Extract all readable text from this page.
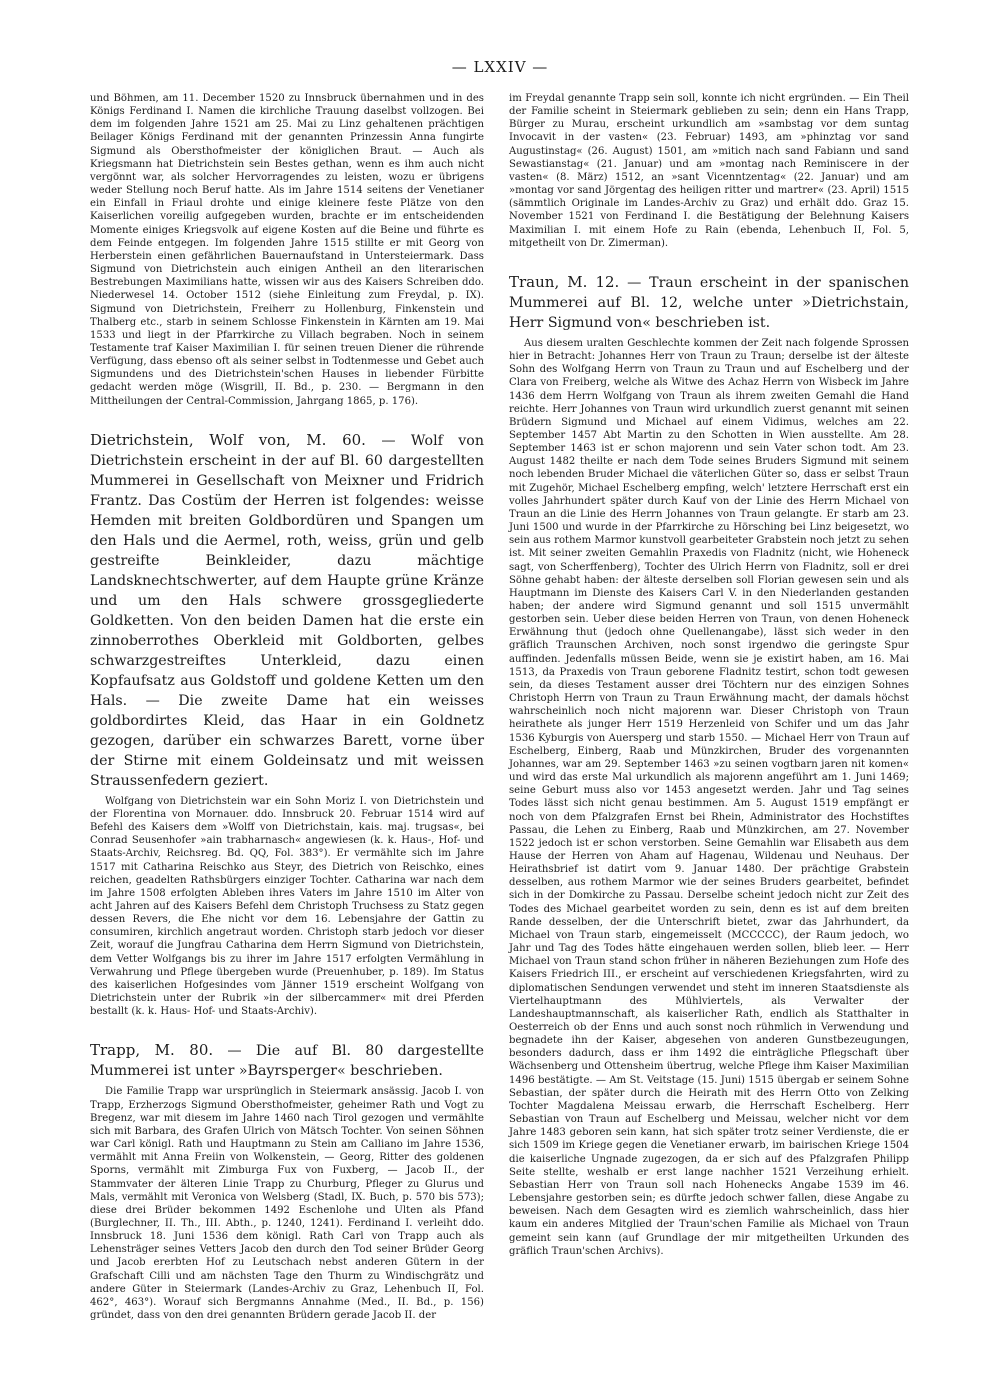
— LXXIV —

und Böhmen, am 11. December 1520 zu Innsbruck übernahmen und in des Königs Ferdinand I. Namen die kirchliche Trauung daselbst vollzogen. Bei dem im folgenden Jahre 1521 am 25. Mai zu Linz gehaltenen prächtigen Beilager Königs Ferdinand mit der genannten Prinzessin Anna fungirte Sigmund als Obersthofmeister der königlichen Braut. — Auch als Kriegsmann hat Dietrichstein sein Bestes gethan, wenn es ihm auch nicht vergönnt war, als solcher Hervorragendes zu leisten, wozu er übrigens weder Stellung noch Beruf hatte. Als im Jahre 1514 seitens der Venetianer ein Einfall in Friaul drohte und einige kleinere feste Plätze von den Kaiserlichen voreilig aufgegeben wurden, brachte er im entscheidenden Momente einiges Kriegsvolk auf eigene Kosten auf die Beine und führte es dem Feinde entgegen. Im folgenden Jahre 1515 stillte er mit Georg von Herberstein einen gefährlichen Bauernaufstand in Untersteiermark. Dass Sigmund von Dietrichstein auch einigen Antheil an den literarischen Bestrebungen Maximilians hatte, wissen wir aus des Kaisers Schreiben ddo. Niederwesel 14. October 1512 (siehe Einleitung zum Freydal, p. IX). Sigmund von Dietrichstein, Freiherr zu Hollenburg, Finkenstein und Thalberg etc., starb in seinem Schlosse Finkenstein in Kärnten am 19. Mai 1533 und liegt in der Pfarrkirche zu Villach begraben. Noch in seinem Testamente traf Kaiser Maximilian I. für seinen treuen Diener die rührende Verfügung, dass ebenso oft als seiner selbst in Todtenmesse und Gebet auch Sigmundens und des Dietrichstein'schen Hauses in liebender Fürbitte gedacht werden möge (Wisgrill, II. Bd., p. 230. — Bergmann in den Mittheilungen der Central-Commission, Jahrgang 1865, p. 176).

Dietrichstein, Wolf von, M. 60. — Wolf von Dietrichstein erscheint in der auf Bl. 60 dargestellten Mummerei in Gesellschaft von Meixner und Fridrich Frantz. Das Costüm der Herren ist folgendes: weisse Hemden mit breiten Goldbordüren und Spangen um den Hals und die Aermel, roth, weiss, grün und gelb gestreifte Beinkleider, dazu mächtige Landsknechtschwerter, auf dem Haupte grüne Kränze und um den Hals schwere grossgegliederte Goldketten. Von den beiden Damen hat die erste ein zinnoberrothes Oberkleid mit Goldborten, gelbes schwarzgestreiftes Unterkleid, dazu einen Kopfaufsatz aus Goldstoff und goldene Ketten um den Hals. — Die zweite Dame hat ein weisses goldbordirtes Kleid, das Haar in ein Goldnetz gezogen, darüber ein schwarzes Barett, vorne über der Stirne mit einem Goldeinsatz und mit weissen Straussenfedern geziert.

Wolfgang von Dietrichstein war ein Sohn Moriz I. von Dietrichstein und der Florentina von Mornauer. ddo. Innsbruck 20. Februar 1514 wird auf Befehl des Kaisers dem »Wolff von Dietrichstain, kais. maj. trugsas«, bei Conrad Seusenhofer »ain trabharnasch« angewiesen (k. k. Haus-, Hof- und Staats-Archiv, Reichsreg. Bd. QQ, Fol. 383°). Er vermählte sich im Jahre 1517 mit Catharina Reischko aus Steyr, des Dietrich von Reischko, eines reichen, geadelten Rathsbürgers einziger Tochter. Catharina war nach dem im Jahre 1508 erfolgten Ableben ihres Vaters im Jahre 1510 im Alter von acht Jahren auf des Kaisers Befehl dem Christoph Truchsess zu Statz gegen dessen Revers, die Ehe nicht vor dem 16. Lebensjahre der Gattin zu consumiren, kirchlich angetraut worden. Christoph starb jedoch vor dieser Zeit, worauf die Jungfrau Catharina dem Herrn Sigmund von Dietrichstein, dem Vetter Wolfgangs bis zu ihrer im Jahre 1517 erfolgten Vermählung in Verwahrung und Pflege übergeben wurde (Preuenhuber, p. 189). Im Status des kaiserlichen Hofgesindes vom Jänner 1519 erscheint Wolfgang von Dietrichstein unter der Rubrik »in der silbercammer« mit drei Pferden bestallt (k. k. Haus- Hof- und Staats-Archiv).

Trapp, M. 80. — Die auf Bl. 80 dargestellte Mummerei ist unter »Bayrsperger« beschrieben.

Die Familie Trapp war ursprünglich in Steiermark ansässig. Jacob I. von Trapp, Erzherzogs Sigmund Obersthofmeister, geheimer Rath und Vogt zu Bregenz, war mit diesem im Jahre 1460 nach Tirol gezogen und vermählte sich mit Barbara, des Grafen Ulrich von Mätsch Tochter. Von seinen Söhnen war Carl königl. Rath und Hauptmann zu Stein am Calliano im Jahre 1536, vermählt mit Anna Freiin von Wolkenstein, — Georg, Ritter des goldenen Sporns, vermählt mit Zimburga Fux von Fuxberg, — Jacob II., der Stammvater der älteren Linie Trapp zu Churburg, Pfleger zu Glurus und Mals, vermählt mit Veronica von Welsberg (Stadl, IX. Buch, p. 570 bis 573); diese drei Brüder bekommen 1492 Eschenlohe und Ulten als Pfand (Burglechner, II. Th., III. Abth., p. 1240, 1241). Ferdinand I. verleiht ddo. Innsbruck 18. Juni 1536 dem königl. Rath Carl von Trapp auch als Lehensträger seines Vetters Jacob den durch den Tod seiner Brüder Georg und Jacob ererbten Hof zu Leutschach nebst anderen Gütern in der Grafschaft Cilli und am nächsten Tage den Thurm zu Windischgrätz und andere Güter in Steiermark (Landes-Archiv zu Graz, Lehenbuch II, Fol. 462°, 463°). Worauf sich Bergmanns Annahme (Med., II. Bd., p. 156) gründet, dass von den drei genannten Brüdern gerade Jacob II. der

im Freydal genannte Trapp sein soll, konnte ich nicht ergründen. — Ein Theil der Familie scheint in Steiermark geblieben zu sein; denn ein Hans Trapp, Bürger zu Murau, erscheint urkundlich am »sambstag vor dem suntag Invocavit in der vasten« (23. Februar) 1493, am »phinztag vor sand Augustinstag« (26. August) 1501, am »mitich nach sand Fabiann und sand Sewastianstag« (21. Januar) und am »montag nach Reminiscere in der vasten« (8. März) 1512, an »sant Vicenntzentag« (22. Januar) und am »montag vor sand Jörgentag des heiligen ritter und martrer« (23. April) 1515 (sämmtlich Originale im Landes-Archiv zu Graz) und erhält ddo. Graz 15. November 1521 von Ferdinand I. die Bestätigung der Belehnung Kaisers Maximilian I. mit einem Hofe zu Rain (ebenda, Lehenbuch II, Fol. 5, mitgetheilt von Dr. Zimerman).

Traun, M. 12. — Traun erscheint in der spanischen Mummerei auf Bl. 12, welche unter »Dietrichstain, Herr Sigmund von« beschrieben ist.

Aus diesem uralten Geschlechte kommen der Zeit nach folgende Sprossen hier in Betracht: Johannes Herr von Traun zu Traun; derselbe ist der älteste Sohn des Wolfgang Herrn von Traun zu Traun und auf Eschelberg und der Clara von Freiberg, welche als Witwe des Achaz Herrn von Wisbeck im Jahre 1436 dem Herrn Wolfgang von Traun als ihrem zweiten Gemahl die Hand reichte. Herr Johannes von Traun wird urkundlich zuerst genannt mit seinen Brüdern Sigmund und Michael auf einem Vidimus, welches am 22. September 1457 Abt Martin zu den Schotten in Wien ausstellte. Am 28. September 1463 ist er schon majorenn und sein Vater schon todt. Am 23. August 1482 theilte er nach dem Tode seines Bruders Sigmund mit seinem noch lebenden Bruder Michael die väterlichen Güter so, dass er selbst Traun mit Zugehör, Michael Eschelberg empfing, welch' letztere Herrschaft erst ein volles Jahrhundert später durch Kauf von der Linie des Herrn Michael von Traun an die Linie des Herrn Johannes von Traun gelangte. Er starb am 23. Juni 1500 und wurde in der Pfarrkirche zu Hörsching bei Linz beigesetzt, wo sein aus rothem Marmor kunstvoll gearbeiteter Grabstein noch jetzt zu sehen ist. Mit seiner zweiten Gemahlin Praxedis von Fladnitz (nicht, wie Hoheneck sagt, von Scherffenberg), Tochter des Ulrich Herrn von Fladnitz, soll er drei Söhne gehabt haben: der älteste derselben soll Florian gewesen sein und als Hauptmann im Dienste des Kaisers Carl V. in den Niederlanden gestanden haben; der andere wird Sigmund genannt und soll 1515 unvermählt gestorben sein. Ueber diese beiden Herren von Traun, von denen Hoheneck Erwähnung thut (jedoch ohne Quellenangabe), lässt sich weder in den gräflich Traunschen Archiven, noch sonst irgendwo die geringste Spur auffinden. Jedenfalls müssen Beide, wenn sie je existirt haben, am 16. Mai 1513, da Praxedis von Traun geborene Fladnitz testirt, schon todt gewesen sein, da dieses Testament ausser drei Töchtern nur des einzigen Sohnes Christoph Herrn von Traun zu Traun Erwähnung macht, der damals höchst wahrscheinlich noch nicht majorenn war. Dieser Christoph von Traun heirathete als junger Herr 1519 Herzenleid von Schifer und um das Jahr 1536 Kyburgis von Auersperg und starb 1550. — Michael Herr von Traun auf Eschelberg, Einberg, Raab und Münzkirchen, Bruder des vorgenannten Johannes, war am 29. September 1463 »zu seinen vogtbarn jaren nit komen« und wird das erste Mal urkundlich als majorenn angeführt am 1. Juni 1469; seine Geburt muss also vor 1453 angesetzt werden. Jahr und Tag seines Todes lässt sich nicht genau bestimmen. Am 5. August 1519 empfängt er noch von dem Pfalzgrafen Ernst bei Rhein, Administrator des Hochstiftes Passau, die Lehen zu Einberg, Raab und Münzkirchen, am 27. November 1522 jedoch ist er schon verstorben. Seine Gemahlin war Elisabeth aus dem Hause der Herren von Aham auf Hagenau, Wildenau und Neuhaus. Der Heirathsbrief ist datirt vom 9. Januar 1480. Der prächtige Grabstein desselben, aus rothem Marmor wie der seines Bruders gearbeitet, befindet sich in der Domkirche zu Passau. Derselbe scheint jedoch nicht zur Zeit des Todes des Michael gearbeitet worden zu sein, denn es ist auf dem breiten Rande desselben, der die Unterschrift bietet, zwar das Jahrhundert, da Michael von Traun starb, eingemeisselt (MCCCCC), der Raum jedoch, wo Jahr und Tag des Todes hätte eingehauen werden sollen, blieb leer. — Herr Michael von Traun stand schon früher in näheren Beziehungen zum Hofe des Kaisers Friedrich III., er erscheint auf verschiedenen Kriegsfahrten, wird zu diplomatischen Sendungen verwendet und steht im inneren Staatsdienste als Viertelhauptmann des Mühlviertels, als Verwalter der Landeshauptmannschaft, als kaiserlicher Rath, endlich als Statthalter in Oesterreich ob der Enns und auch sonst noch rühmlich in Verwendung und begnadete ihn der Kaiser, abgesehen von anderen Gunstbezeugungen, besonders dadurch, dass er ihm 1492 die einträgliche Pflegschaft über Wächsenberg und Ottensheim übertrug, welche Pflege ihm Kaiser Maximilian 1496 bestätigte. — Am St. Veitstage (15. Juni) 1515 übergab er seinem Sohne Sebastian, der später durch die Heirath mit des Herrn Otto von Zelking Tochter Magdalena Meissau erwarb, die Herrschaft Eschelberg. Herr Sebastian von Traun auf Eschelberg und Meissau, welcher nicht vor dem Jahre 1483 geboren sein kann, hat sich später trotz seiner Verdienste, die er sich 1509 im Kriege gegen die Venetianer erwarb, im bairischen Kriege 1504 die kaiserliche Ungnade zugezogen, da er sich auf des Pfalzgrafen Philipp Seite stellte, weshalb er erst lange nachher 1521 Verzeihung erhielt. Sebastian Herr von Traun soll nach Hohenecks Angabe 1539 im 46. Lebensjahre gestorben sein; es dürfte jedoch schwer fallen, diese Angabe zu beweisen. Nach dem Gesagten wird es ziemlich wahrscheinlich, dass hier kaum ein anderes Mitglied der Traun'schen Familie als Michael von Traun gemeint sein kann (auf Grundlage der mir mitgetheilten Urkunden des gräflich Traun'schen Archivs).
